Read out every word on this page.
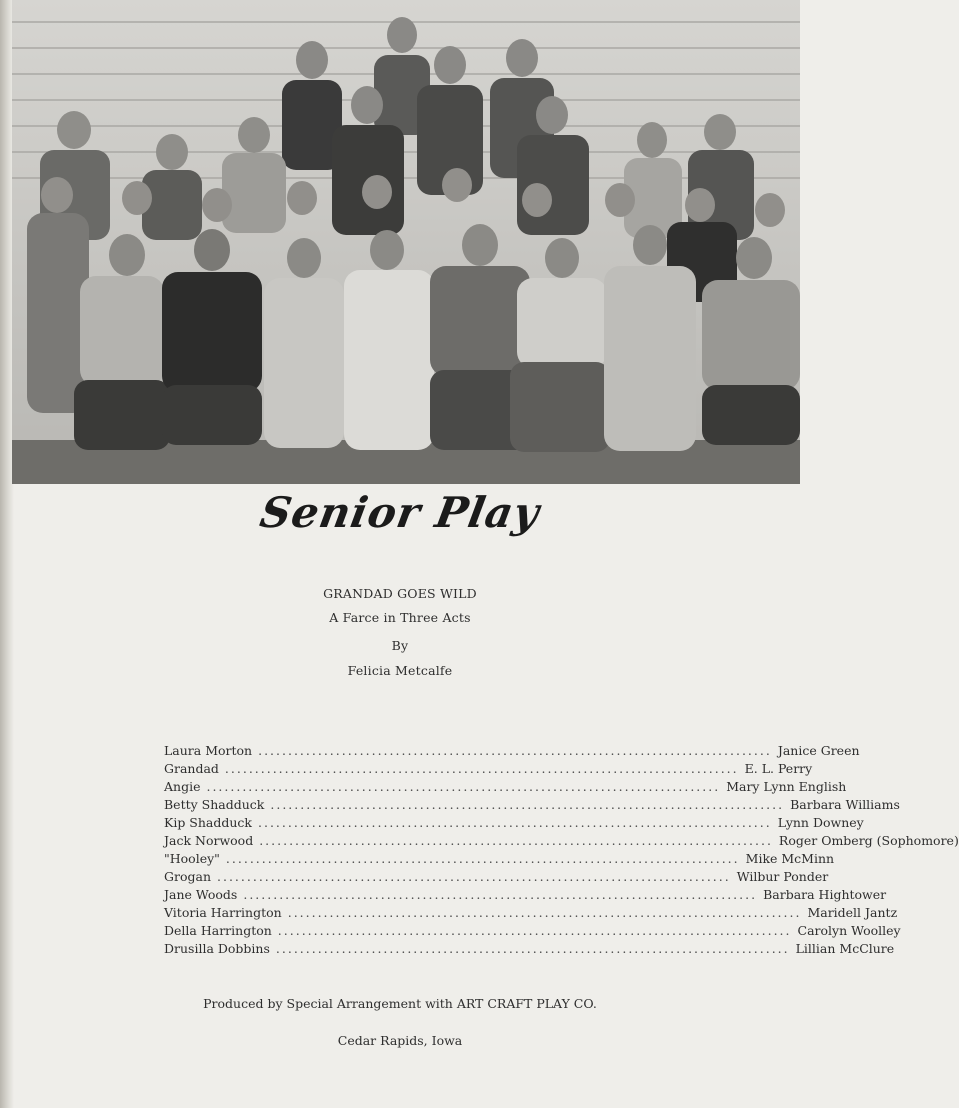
Senior Play
GRANDAD GOES WILD
A Farce in Three Acts
By
Felicia Metcalfe
Laura Morton ...................................................................................... Janice Green
Grandad ...................................................................................... E. L. Perry
Angie ...................................................................................... Mary Lynn English
Betty Shadduck ...................................................................................... Barbara Williams
Kip Shadduck ...................................................................................... Lynn Downey
Jack Norwood ...................................................................................... Roger Omberg (Sophomore)
"Hooley" ...................................................................................... Mike McMinn
Grogan ...................................................................................... Wilbur Ponder
Jane Woods ...................................................................................... Barbara Hightower
Vitoria Harrington ...................................................................................... Maridell Jantz
Della Harrington ...................................................................................... Carolyn Woolley
Drusilla Dobbins ...................................................................................... Lillian McClure
Produced by Special Arrangement with ART CRAFT PLAY CO.
Cedar Rapids, Iowa
